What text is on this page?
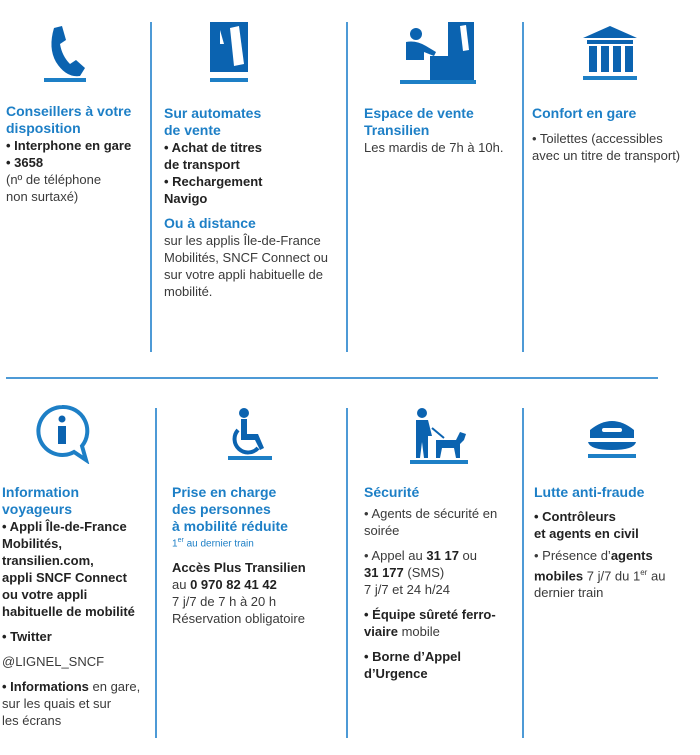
Conseillers à votre

disposition

• Interphone en gare

• 3658

(nº de téléphone

non surtaxé)

Sur automates

de vente

• Achat de titres

de transport

• Rechargement

Navigo

Ou à distance

sur les applis Île-de-France

Mobilités, SNCF Connect ou

sur votre appli habituelle de

mobilité.

Espace de vente

Transilien

Les mardis de 7h à 10h.

Confort en gare

• Toilettes (accessibles

avec un titre de transport)

Information

voyageurs

• Appli Île-de-France

Mobilités,

transilien.com,

appli SNCF Connect

ou votre appli

habituelle de mobilité

• Twitter

@LIGNEL_SNCF

• Informations en gare,

sur les quais et sur

les écrans

Prise en charge

des personnes

à mobilité réduite

1er au dernier train

Accès Plus Transilien

au 0 970 82 41 42

7 j/7 de 7 h à 20 h

Réservation obligatoire

Sécurité

• Agents de sécurité en

soirée

• Appel au 31 17 ou

31 177 (SMS)

7 j/7 et 24 h/24

• Équipe sûreté ferro-

viaire mobile

• Borne d’Appel

d’Urgence

Lutte anti-fraude

• Contrôleurs

et agents en civil

• Présence d’agents

mobiles 7 j/7 du 1er au

dernier train
